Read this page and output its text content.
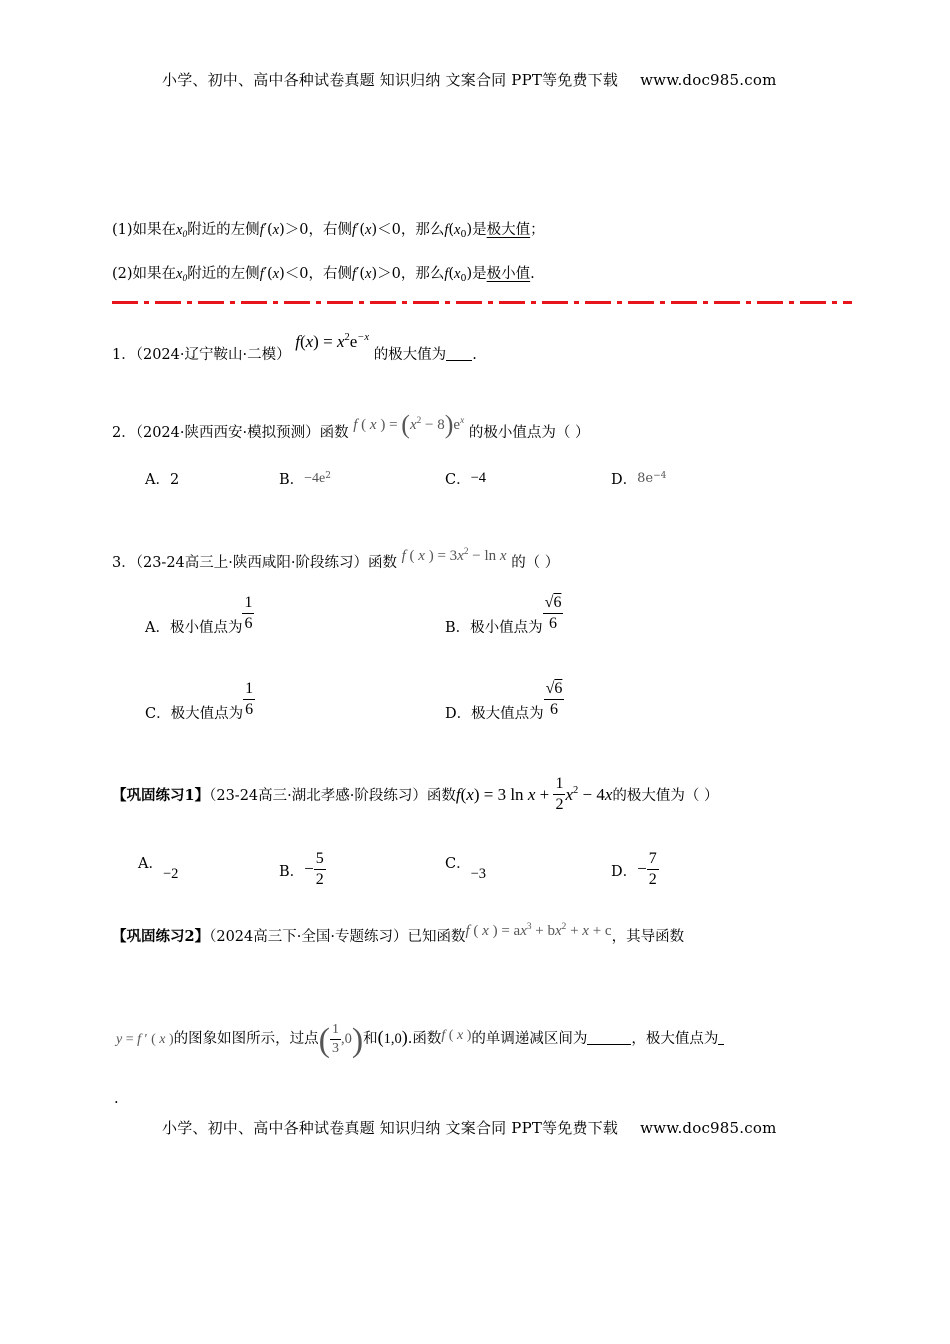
小学、初中、高中各种试卷真题 知识归纳 文案合同 PPT等免费下载 www.doc985.com
(1)如果在$x_0$附近的左侧f′(x)＞0，右侧f′(x)＜0，那么$f(x_0)$是极大值；
(2)如果在$x_0$附近的左侧f′(x)＜0，右侧f′(x)＞0，那么$f(x_0)$是极小值.
1．（2024·辽宁鞍山·二模） $f(x) = x^2e^{-x}$ 的极大值为 .
2．（2024·陕西西安·模拟预测）函数 f ( x ) = $(x^2 - 8)e^x$ 的极小值点为（ ）
A．2	B．$-4e^2$	C．−4	D．$8e^{-4}$
3．（23-24高三上·陕西咸阳·阶段练习）函数 f ( x ) = $3x^2 - \ln x$ 的（ ）
A．极小值点为 $\frac{1}{6}$	B．极小值点为 $\frac{√6}{6}$
C．极大值点为 $\frac{1}{6}$	D．极大值点为 $\frac{√6}{6}$
【巩固练习1】（23-24高三·湖北孝感·阶段练习）函数f(x) = 3 $\ln x + \frac{1}{2} x^2 - 4x$的极大值为（ ）
A．−2	B．− $\frac{5}{2}$	C．−3	D．− $\frac{7}{2}$
【巩固练习2】（2024高三下·全国·专题练习）已知函数f ( x ) = $ax^3 + bx^2 + x + c$，其导函数
y = f ′ ( x )的图象如图所示，过点( $\frac{1}{3} ,0$)和(1,0).函数f ( x )的单调递减区间为	，极大值点为
.
小学、初中、高中各种试卷真题 知识归纳 文案合同 PPT等免费下载 www.doc985.com
